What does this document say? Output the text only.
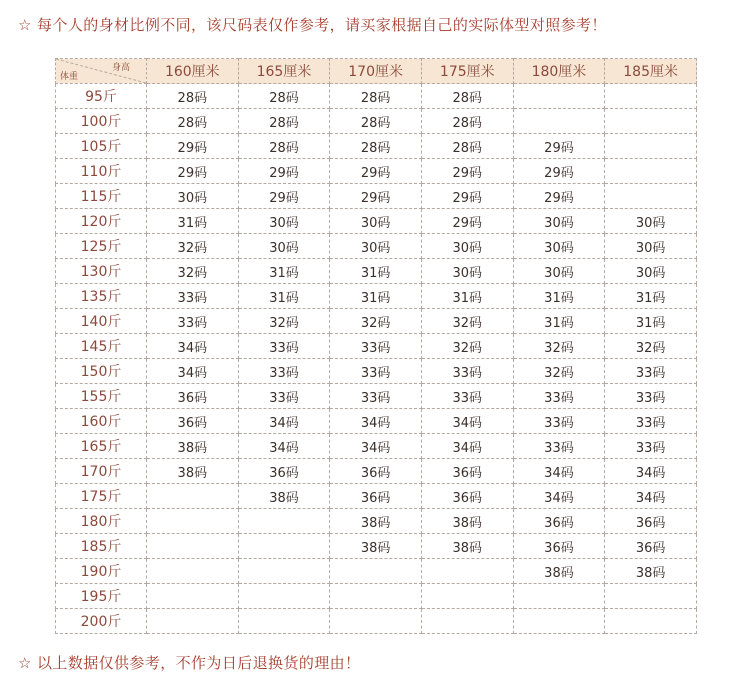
☆ 每个人的身材比例不同，该尺码表仅作参考，请买家根据自己的实际体型对照参考！
身高
体重	160厘米	165厘米	170厘米	175厘米	180厘米	185厘米
95斤	28码	28码	28码	28码		
100斤	28码	28码	28码	28码		
105斤	29码	28码	28码	28码	29码	
110斤	29码	29码	29码	29码	29码	
115斤	30码	29码	29码	29码	29码	
120斤	31码	30码	30码	29码	30码	30码
125斤	32码	30码	30码	30码	30码	30码
130斤	32码	31码	31码	30码	30码	30码
135斤	33码	31码	31码	31码	31码	31码
140斤	33码	32码	32码	32码	31码	31码
145斤	34码	33码	33码	32码	32码	32码
150斤	34码	33码	33码	33码	32码	33码
155斤	36码	33码	33码	33码	33码	33码
160斤	36码	34码	34码	34码	33码	33码
165斤	38码	34码	34码	34码	33码	33码
170斤	38码	36码	36码	36码	34码	34码
175斤		38码	36码	36码	34码	34码
180斤			38码	38码	36码	36码
185斤			38码	38码	36码	36码
190斤					38码	38码
195斤						
200斤						
☆ 以上数据仅供参考，不作为日后退换货的理由！
